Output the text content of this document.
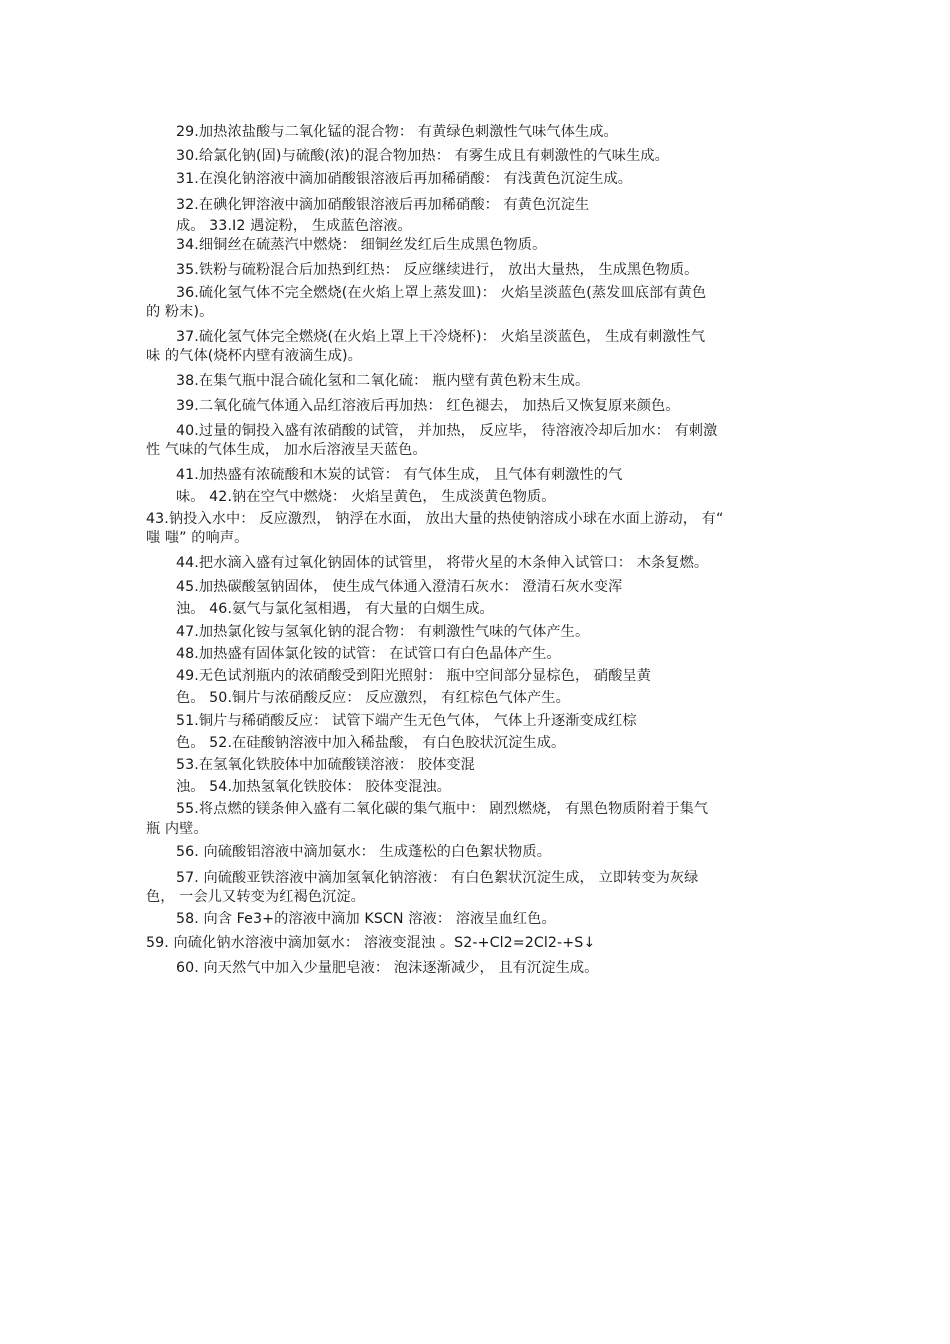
29.加热浓盐酸与二氧化锰的混合物： 有黄绿色刺激性气味气体生成。

30.给氯化钠(固)与硫酸(浓)的混合物加热： 有雾生成且有刺激性的气味生成。

31.在溴化钠溶液中滴加硝酸银溶液后再加稀硝酸： 有浅黄色沉淀生成。

32.在碘化钾溶液中滴加硝酸银溶液后再加稀硝酸： 有黄色沉淀生

成。 33.I2 遇淀粉， 生成蓝色溶液。

34.细铜丝在硫蒸汽中燃烧： 细铜丝发红后生成黑色物质。

35.铁粉与硫粉混合后加热到红热： 反应继续进行， 放出大量热， 生成黑色物质。

36.硫化氢气体不完全燃烧(在火焰上罩上蒸发皿)： 火焰呈淡蓝色(蒸发皿底部有黄色

的 粉末)。

37.硫化氢气体完全燃烧(在火焰上罩上干冷烧杯)： 火焰呈淡蓝色， 生成有刺激性气

味 的气体(烧杯内壁有液滴生成)。

38.在集气瓶中混合硫化氢和二氧化硫： 瓶内壁有黄色粉末生成。

39.二氧化硫气体通入品红溶液后再加热： 红色褪去， 加热后又恢复原来颜色。

40.过量的铜投入盛有浓硝酸的试管， 并加热， 反应毕， 待溶液冷却后加水： 有刺激

性 气味的气体生成， 加水后溶液呈天蓝色。

41.加热盛有浓硫酸和木炭的试管： 有气体生成， 且气体有刺激性的气

味。 42.钠在空气中燃烧： 火焰呈黄色， 生成淡黄色物质。

43.钠投入水中： 反应激烈， 钠浮在水面， 放出大量的热使钠溶成小球在水面上游动， 有“

嗤 嗤” 的响声。

44.把水滴入盛有过氧化钠固体的试管里， 将带火星的木条伸入试管口： 木条复燃。

45.加热碳酸氢钠固体， 使生成气体通入澄清石灰水： 澄清石灰水变浑

浊。 46.氨气与氯化氢相遇， 有大量的白烟生成。

47.加热氯化铵与氢氧化钠的混合物： 有刺激性气味的气体产生。

48.加热盛有固体氯化铵的试管： 在试管口有白色晶体产生。

49.无色试剂瓶内的浓硝酸受到阳光照射： 瓶中空间部分显棕色， 硝酸呈黄

色。 50.铜片与浓硝酸反应： 反应激烈， 有红棕色气体产生。

51.铜片与稀硝酸反应： 试管下端产生无色气体， 气体上升逐渐变成红棕

色。 52.在硅酸钠溶液中加入稀盐酸， 有白色胶状沉淀生成。

53.在氢氧化铁胶体中加硫酸镁溶液： 胶体变混

浊。 54.加热氢氧化铁胶体： 胶体变混浊。

55.将点燃的镁条伸入盛有二氧化碳的集气瓶中： 剧烈燃烧， 有黑色物质附着于集气

瓶 内壁。

56. 向硫酸铝溶液中滴加氨水： 生成蓬松的白色絮状物质。

57. 向硫酸亚铁溶液中滴加氢氧化钠溶液： 有白色絮状沉淀生成， 立即转变为灰绿

色， 一会儿又转变为红褐色沉淀。

58. 向含 Fe3+的溶液中滴加 KSCN 溶液： 溶液呈血红色。

59. 向硫化钠水溶液中滴加氨水： 溶液变混浊 。S2-+Cl2=2Cl2-+S↓

60. 向天然气中加入少量肥皂液： 泡沫逐渐减少， 且有沉淀生成。
